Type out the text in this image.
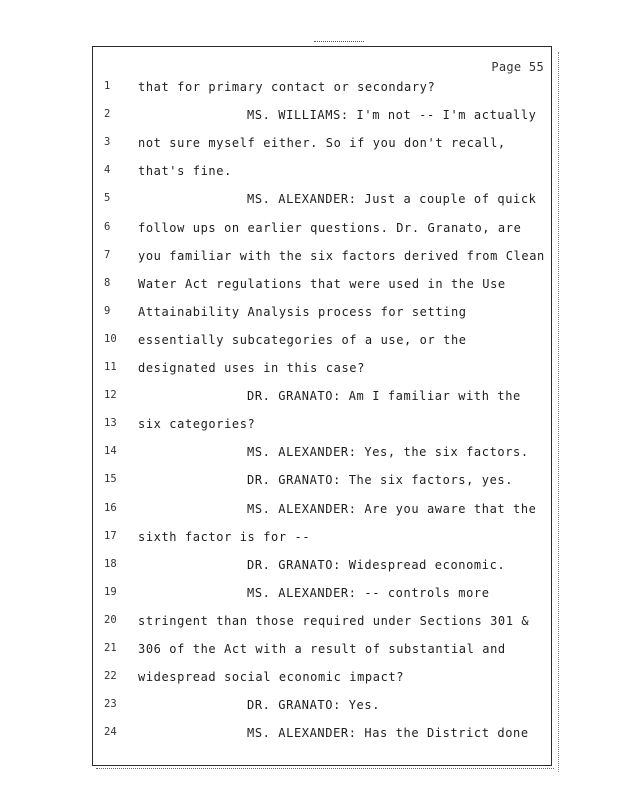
Page 55
1	that for primary contact or secondary?
2	MS. WILLIAMS: I'm not -- I'm actually
3	not sure myself either. So if you don't recall,
4	that's fine.
5	MS. ALEXANDER: Just a couple of quick
6	follow ups on earlier questions. Dr. Granato, are
7	you familiar with the six factors derived from Clean
8	Water Act regulations that were used in the Use
9	Attainability Analysis process for setting
10	essentially subcategories of a use, or the
11	designated uses in this case?
12	DR. GRANATO: Am I familiar with the
13	six categories?
14	MS. ALEXANDER: Yes, the six factors.
15	DR. GRANATO: The six factors, yes.
16	MS. ALEXANDER: Are you aware that the
17	sixth factor is for --
18	DR. GRANATO: Widespread economic.
19	MS. ALEXANDER: -- controls more
20	stringent than those required under Sections 301 &
21	306 of the Act with a result of substantial and
22	widespread social economic impact?
23	DR. GRANATO: Yes.
24	MS. ALEXANDER: Has the District done
